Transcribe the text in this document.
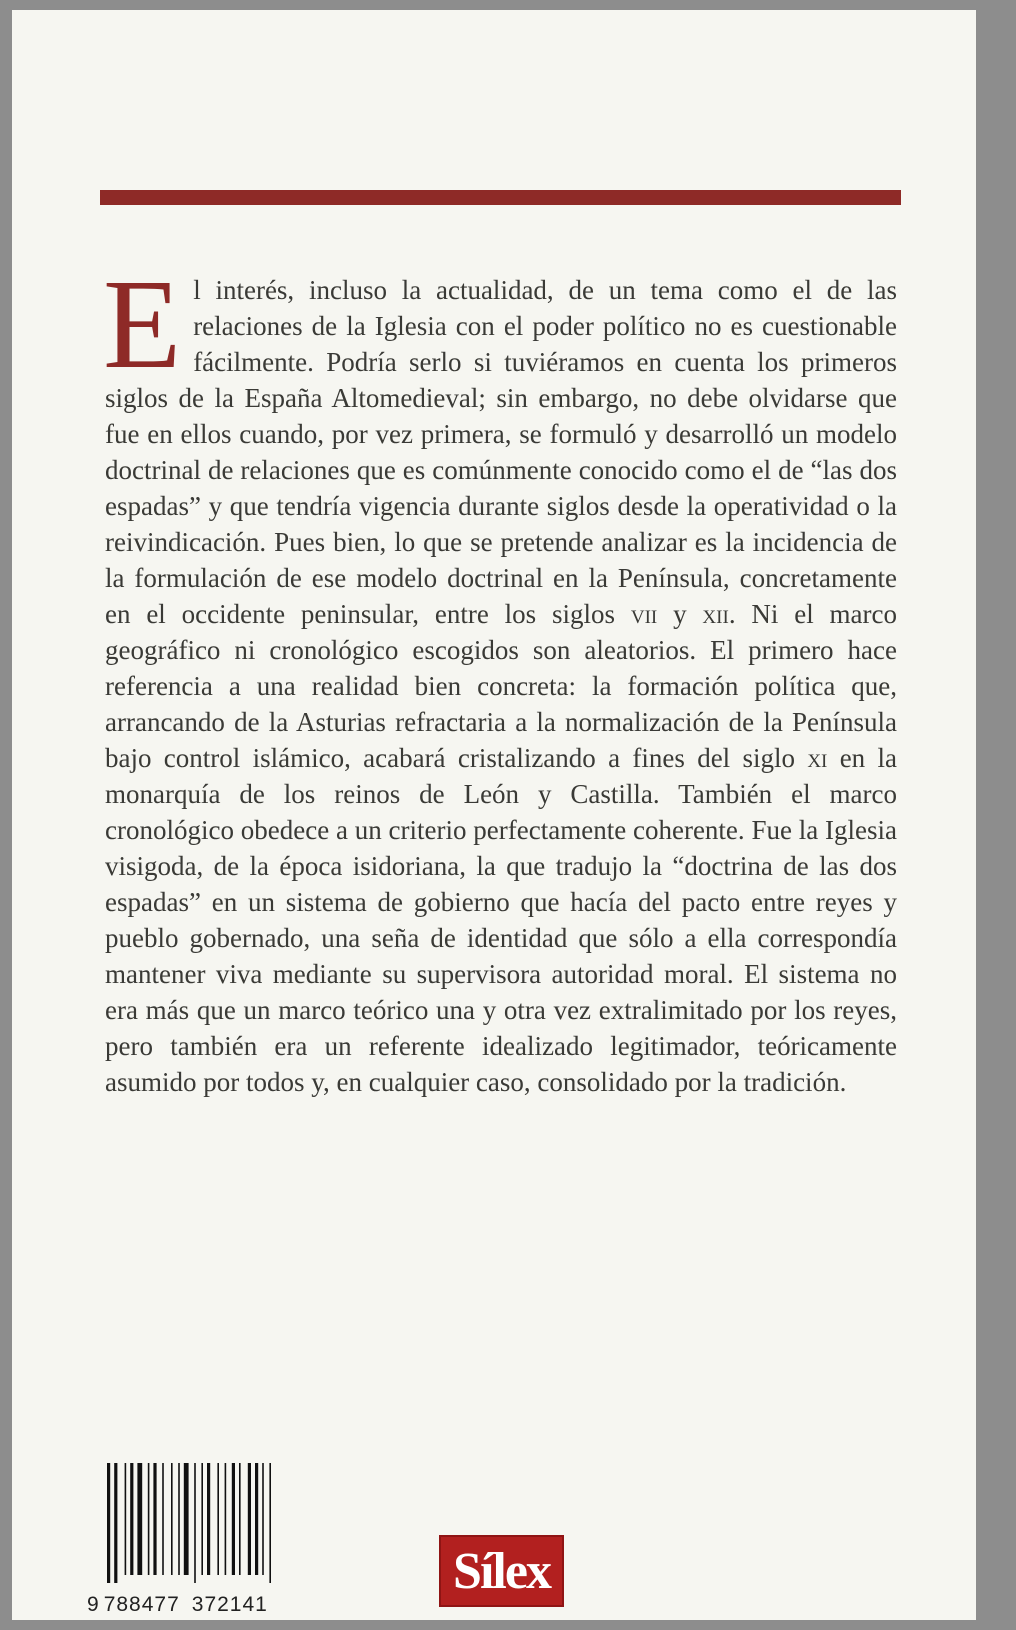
El interés, incluso la actualidad, de un tema como el de las relaciones de la Iglesia con el poder político no es cuestionable fácilmente. Podría serlo si tuviéramos en cuenta los primeros siglos de la España Altomedieval; sin embargo, no debe olvidarse que fue en ellos cuando, por vez primera, se formuló y desarrolló un modelo doctrinal de relaciones que es comúnmente conocido como el de “las dos espadas” y que tendría vigencia durante siglos desde la operatividad o la reivindicación. Pues bien, lo que se pretende analizar es la incidencia de la formulación de ese modelo doctrinal en la Península, concretamente en el occidente peninsular, entre los siglos vii y xii. Ni el marco geográfico ni cronológico escogidos son aleatorios. El primero hace referencia a una realidad bien concreta: la formación política que, arrancando de la Asturias refractaria a la normalización de la Península bajo control islámico, acabará cristalizando a fines del siglo xi en la monarquía de los reinos de León y Castilla. También el marco cronológico obedece a un criterio perfectamente coherente. Fue la Iglesia visigoda, de la época isidoriana, la que tradujo la “doctrina de las dos espadas” en un sistema de gobierno que hacía del pacto entre reyes y pueblo gobernado, una seña de identidad que sólo a ella correspondía mantener viva mediante su supervisora autoridad moral. El sistema no era más que un marco teórico una y otra vez extralimitado por los reyes, pero también era un referente idealizado legitimador, teóricamente asumido por todos y, en cualquier caso, consolidado por la tradición.

9 788477 372141

Sílex
